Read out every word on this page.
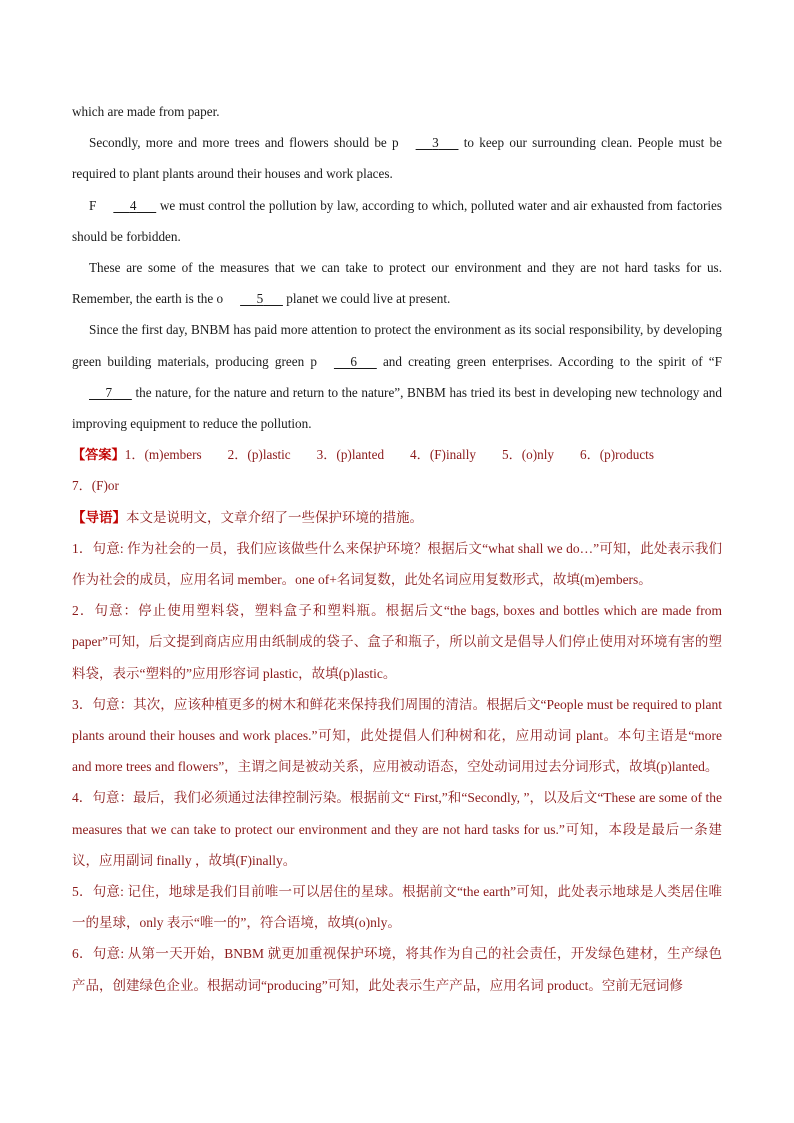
which are made from paper.

Secondly, more and more trees and flowers should be p	3       to keep our surrounding clean. People must be required to plant plants around their houses and work places.

F	4       we must control the pollution by law, according to which, polluted water and air exhausted from factories should be forbidden.

These are some of the measures that we can take to protect our environment and they are not hard tasks for us. Remember, the earth is the o	5       planet we could live at present.

Since the first day, BNBM has paid more attention to protect the environment as its social responsibility, by developing green building materials, producing green p	6       and creating green enterprises. According to the spirit of “F     7       the nature, for the nature and return to the nature”, BNBM has tried its best in developing new technology and improving equipment to reduce the pollution.

【答案】1．(m)embers 2．(p)lastic 3．(p)lanted 4．(F)inally 5．(o)nly 6．(p)roducts
7．(F)or

【导语】本文是说明文，文章介绍了一些保护环境的措施。

1．句意: 作为社会的一员，我们应该做些什么来保护环境？根据后文“what shall we do…”可知，此处表示我们作为社会的成员，应用名词 member。one of+名词复数，此处名词应用复数形式，故填(m)embers。

2．句意：停止使用塑料袋，塑料盒子和塑料瓶。根据后文“the bags, boxes and bottles which are made from paper”可知，后文提到商店应用由纸制成的袋子、盒子和瓶子，所以前文是倡导人们停止使用对环境有害的塑料袋，表示“塑料的”应用形容词 plastic，故填(p)lastic。

3．句意：其次，应该种植更多的树木和鲜花来保持我们周围的清洁。根据后文“People must be required to plant plants around their houses and work places.”可知，此处提倡人们种树和花，应用动词 plant。本句主语是“more and more trees and flowers”，主谓之间是被动关系，应用被动语态，空处动词用过去分词形式，故填(p)lanted。

4．句意：最后，我们必须通过法律控制污染。根据前文“ First,”和“Secondly, ”，以及后文“These are some of the measures that we can take to protect our environment and they are not hard tasks for us.”可知，本段是最后一条建议，应用副词 finally ，故填(F)inally。

5．句意: 记住，地球是我们目前唯一可以居住的星球。根据前文“the earth”可知，此处表示地球是人类居住唯一的星球，only 表示“唯一的”，符合语境，故填(o)nly。

6．句意: 从第一天开始，BNBM 就更加重视保护环境，将其作为自己的社会责任，开发绿色建材，生产绿色产品，创建绿色企业。根据动词“producing”可知，此处表示生产产品，应用名词 product。空前无冠词修
